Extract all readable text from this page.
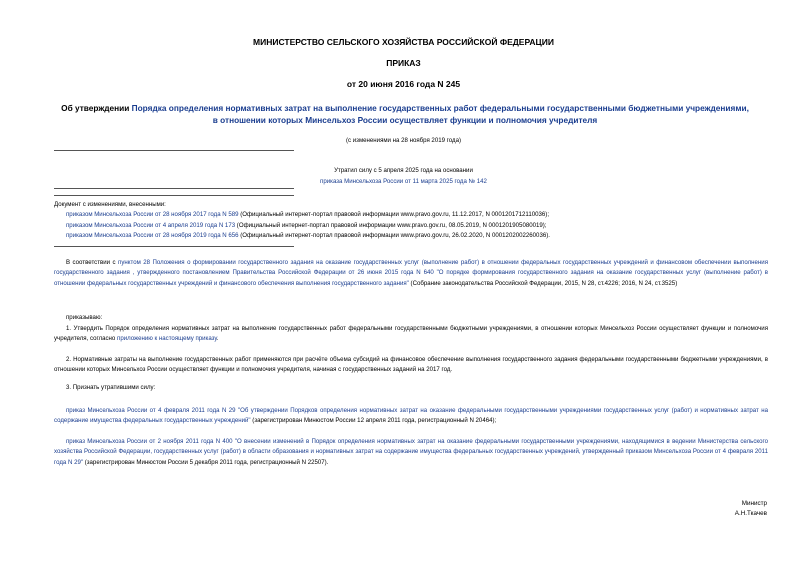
МИНИСТЕРСТВО СЕЛЬСКОГО ХОЗЯЙСТВА РОССИЙСКОЙ ФЕДЕРАЦИИ
ПРИКАЗ
от 20 июня 2016 года N 245
Об утверждении Порядка определения нормативных затрат на выполнение государственных работ федеральными государственными бюджетными учреждениями, в отношении которых Минсельхоз России осуществляет функции и полномочия учредителя
(с изменениями на 28 ноября 2019 года)
Утратил силу с 5 апреля 2025 года на основании
приказа Минсельхоза России от 11 марта 2025 года № 142
Документ с изменениями, внесенными:
приказом Минсельхоза России от 28 ноября 2017 года N 589 (Официальный интернет-портал правовой информации www.pravo.gov.ru, 11.12.2017, N 0001201712110036);
приказом Минсельхоза России от 4 апреля 2019 года N 173 (Официальный интернет-портал правовой информации www.pravo.gov.ru, 08.05.2019, N 0001201905080019);
приказом Минсельхоза России от 28 ноября 2019 года N 656 (Официальный интернет-портал правовой информации www.pravo.gov.ru, 26.02.2020, N 0001202002260036).
В соответствии с пунктом 28 Положения о формировании государственного задания на оказание государственных услуг (выполнение работ) в отношении федеральных государственных учреждений и финансовом обеспечении выполнения государственного задания , утвержденного постановлением Правительства Российской Федерации от 26 июня 2015 года N 640 "О порядке формирования государственного задания на оказание государственных услуг (выполнение работ) в отношении федеральных государственных учреждений и финансового обеспечения выполнения государственного задания" (Собрание законодательства Российской Федерации, 2015, N 28, ст.4226; 2016, N 24, ст.3525)
приказываю:
1. Утвердить Порядок определения нормативных затрат на выполнение государственных работ федеральными государственными бюджетными учреждениями, в отношении которых Минсельхоз России осуществляет функции и полномочия учредителя, согласно приложению к настоящему приказу.
2. Нормативные затраты на выполнение государственных работ применяются при расчёте объема субсидий на финансовое обеспечение выполнения государственного задания федеральными государственными бюджетными учреждениями, в отношении которых Минсельхоз России осуществляет функции и полномочия учредителя, начиная с государственных заданий на 2017 год.
3. Признать утратившими силу:
приказ Минсельхоза России от 4 февраля 2011 года N 29 "Об утверждении Порядков определения нормативных затрат на оказание федеральными государственными учреждениями государственных услуг (работ) и нормативных затрат на содержание имущества федеральных государственных учреждений" (зарегистрирован Минюстом России 12 апреля 2011 года, регистрационный N 20464);
приказ Минсельхоза России от 2 ноября 2011 года N 400 "О внесении изменений в Порядок определения нормативных затрат на оказание федеральными государственными учреждениями, находящимися в ведении Министерства сельского хозяйства Российской Федерации, государственных услуг (работ) в области образования и нормативных затрат на содержание имущества федеральных государственных учреждений, утвержденный приказом Минсельхоза России от 4 февраля 2011 года N 29" (зарегистрирован Минюстом России 5 декабря 2011 года, регистрационный N 22507).
Министр
А.Н.Ткачев
